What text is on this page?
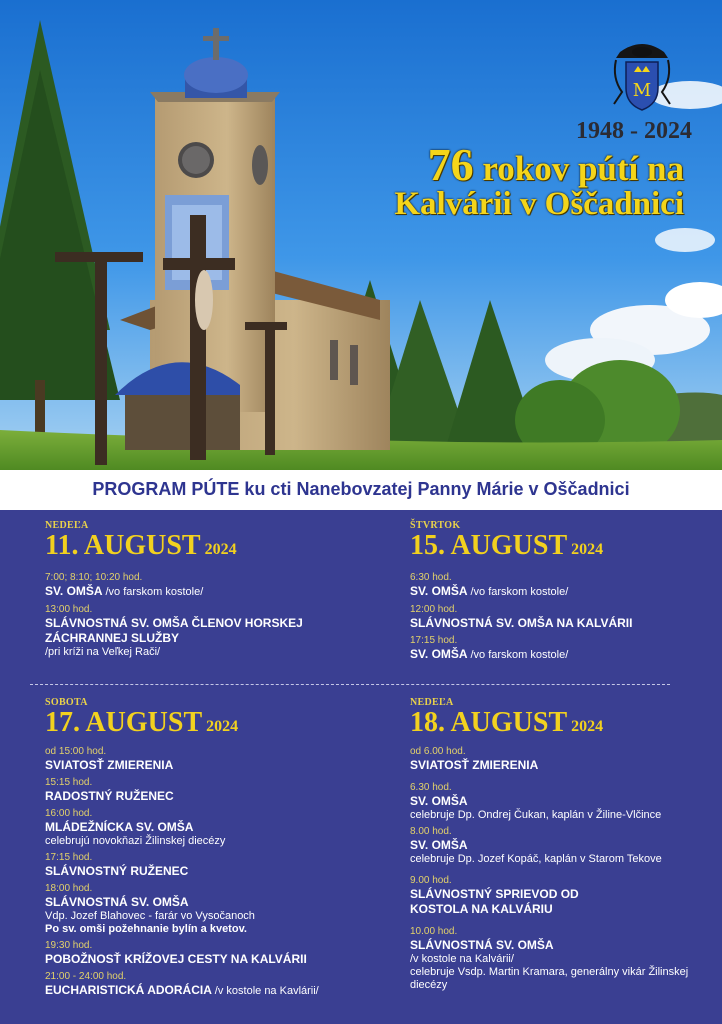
M
1948 - 2024
76 rokov pútí na
Kalvárii v Oščadnici
PROGRAM PÚTE ku cti Nanebovzatej Panny Márie v Oščadnici
NEDEĽA
11. AUGUST 2024
7:00; 8:10; 10:20 hod.
SV. OMŠA /vo farskom kostole/
13:00 hod.
SLÁVNOSTNÁ SV. OMŠA ČLENOV HORSKEJ ZÁCHRANNEJ SLUŽBY
/pri kríži na Veľkej Rači/
ŠTVRTOK
15. AUGUST 2024
6:30 hod.
SV. OMŠA /vo farskom kostole/
12:00 hod.
SLÁVNOSTNÁ SV. OMŠA NA KALVÁRII
17:15 hod.
SV. OMŠA /vo farskom kostole/
SOBOTA
17. AUGUST 2024
od 15:00 hod.
SVIATOSŤ ZMIERENIA
15:15 hod.
RADOSTNÝ RUŽENEC
16:00 hod.
MLÁDEŽNÍCKA SV. OMŠA
celebrujú novokňazi Žilinskej diecézy
17:15 hod.
SLÁVNOSTNÝ RUŽENEC
18:00 hod.
SLÁVNOSTNÁ SV. OMŠA
Vdp. Jozef Blahovec - farár vo Vysočanoch
Po sv. omši požehnanie bylín a kvetov.
19:30 hod.
POBOŽNOSŤ KRÍŽOVEJ CESTY NA KALVÁRII
21:00 - 24:00 hod.
EUCHARISTICKÁ ADORÁCIA /v kostole na Kavlárii/
NEDEĽA
18. AUGUST 2024
od 6.00 hod.
SVIATOSŤ ZMIERENIA
6.30 hod.
SV. OMŠA
celebruje Dp. Ondrej Čukan, kaplán v Žiline-Vlčince
8.00 hod.
SV. OMŠA
celebruje Dp. Jozef Kopáč, kaplán v Starom Tekove
9.00 hod.
SLÁVNOSTNÝ SPRIEVOD OD KOSTOLA NA KALVÁRIU
10.00 hod.
SLÁVNOSTNÁ SV. OMŠA
/v kostole na Kalvárii/
celebruje Vsdp. Martin Kramara, generálny vikár Žilinskej diecézy
